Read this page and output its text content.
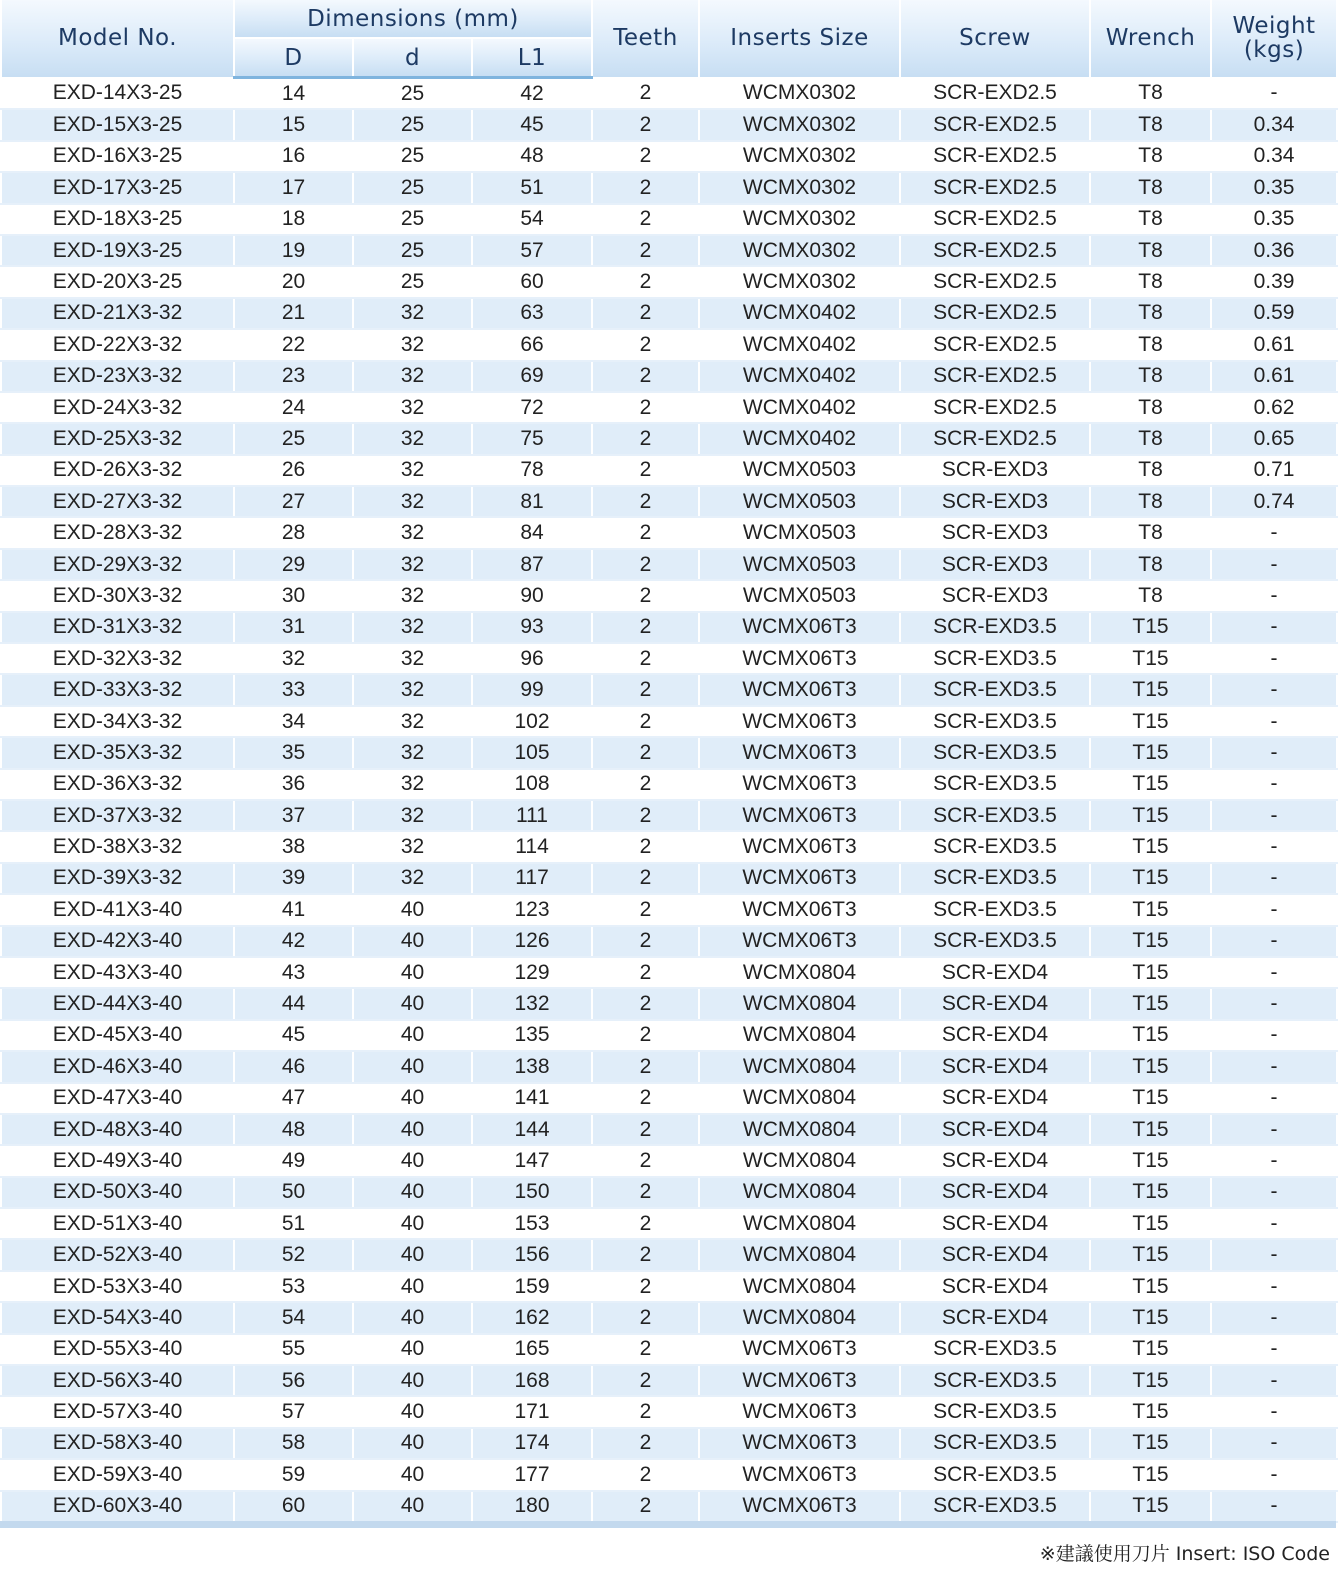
Model No.	Dimensions (mm)			Teeth	Inserts Size	Screw	Wrench	Weight
(kgs)
	D	d	L1					
EXD-14X3-25	14	25	42	2	WCMX0302	SCR-EXD2.5	T8	-
EXD-15X3-25	15	25	45	2	WCMX0302	SCR-EXD2.5	T8	0.34
EXD-16X3-25	16	25	48	2	WCMX0302	SCR-EXD2.5	T8	0.34
EXD-17X3-25	17	25	51	2	WCMX0302	SCR-EXD2.5	T8	0.35
EXD-18X3-25	18	25	54	2	WCMX0302	SCR-EXD2.5	T8	0.35
EXD-19X3-25	19	25	57	2	WCMX0302	SCR-EXD2.5	T8	0.36
EXD-20X3-25	20	25	60	2	WCMX0302	SCR-EXD2.5	T8	0.39
EXD-21X3-32	21	32	63	2	WCMX0402	SCR-EXD2.5	T8	0.59
EXD-22X3-32	22	32	66	2	WCMX0402	SCR-EXD2.5	T8	0.61
EXD-23X3-32	23	32	69	2	WCMX0402	SCR-EXD2.5	T8	0.61
EXD-24X3-32	24	32	72	2	WCMX0402	SCR-EXD2.5	T8	0.62
EXD-25X3-32	25	32	75	2	WCMX0402	SCR-EXD2.5	T8	0.65
EXD-26X3-32	26	32	78	2	WCMX0503	SCR-EXD3	T8	0.71
EXD-27X3-32	27	32	81	2	WCMX0503	SCR-EXD3	T8	0.74
EXD-28X3-32	28	32	84	2	WCMX0503	SCR-EXD3	T8	-
EXD-29X3-32	29	32	87	2	WCMX0503	SCR-EXD3	T8	-
EXD-30X3-32	30	32	90	2	WCMX0503	SCR-EXD3	T8	-
EXD-31X3-32	31	32	93	2	WCMX06T3	SCR-EXD3.5	T15	-
EXD-32X3-32	32	32	96	2	WCMX06T3	SCR-EXD3.5	T15	-
EXD-33X3-32	33	32	99	2	WCMX06T3	SCR-EXD3.5	T15	-
EXD-34X3-32	34	32	102	2	WCMX06T3	SCR-EXD3.5	T15	-
EXD-35X3-32	35	32	105	2	WCMX06T3	SCR-EXD3.5	T15	-
EXD-36X3-32	36	32	108	2	WCMX06T3	SCR-EXD3.5	T15	-
EXD-37X3-32	37	32	111	2	WCMX06T3	SCR-EXD3.5	T15	-
EXD-38X3-32	38	32	114	2	WCMX06T3	SCR-EXD3.5	T15	-
EXD-39X3-32	39	32	117	2	WCMX06T3	SCR-EXD3.5	T15	-
EXD-41X3-40	41	40	123	2	WCMX06T3	SCR-EXD3.5	T15	-
EXD-42X3-40	42	40	126	2	WCMX06T3	SCR-EXD3.5	T15	-
EXD-43X3-40	43	40	129	2	WCMX0804	SCR-EXD4	T15	-
EXD-44X3-40	44	40	132	2	WCMX0804	SCR-EXD4	T15	-
EXD-45X3-40	45	40	135	2	WCMX0804	SCR-EXD4	T15	-
EXD-46X3-40	46	40	138	2	WCMX0804	SCR-EXD4	T15	-
EXD-47X3-40	47	40	141	2	WCMX0804	SCR-EXD4	T15	-
EXD-48X3-40	48	40	144	2	WCMX0804	SCR-EXD4	T15	-
EXD-49X3-40	49	40	147	2	WCMX0804	SCR-EXD4	T15	-
EXD-50X3-40	50	40	150	2	WCMX0804	SCR-EXD4	T15	-
EXD-51X3-40	51	40	153	2	WCMX0804	SCR-EXD4	T15	-
EXD-52X3-40	52	40	156	2	WCMX0804	SCR-EXD4	T15	-
EXD-53X3-40	53	40	159	2	WCMX0804	SCR-EXD4	T15	-
EXD-54X3-40	54	40	162	2	WCMX0804	SCR-EXD4	T15	-
EXD-55X3-40	55	40	165	2	WCMX06T3	SCR-EXD3.5	T15	-
EXD-56X3-40	56	40	168	2	WCMX06T3	SCR-EXD3.5	T15	-
EXD-57X3-40	57	40	171	2	WCMX06T3	SCR-EXD3.5	T15	-
EXD-58X3-40	58	40	174	2	WCMX06T3	SCR-EXD3.5	T15	-
EXD-59X3-40	59	40	177	2	WCMX06T3	SCR-EXD3.5	T15	-
EXD-60X3-40	60	40	180	2	WCMX06T3	SCR-EXD3.5	T15	-
※建議使用刀片 Insert: ISO Code
